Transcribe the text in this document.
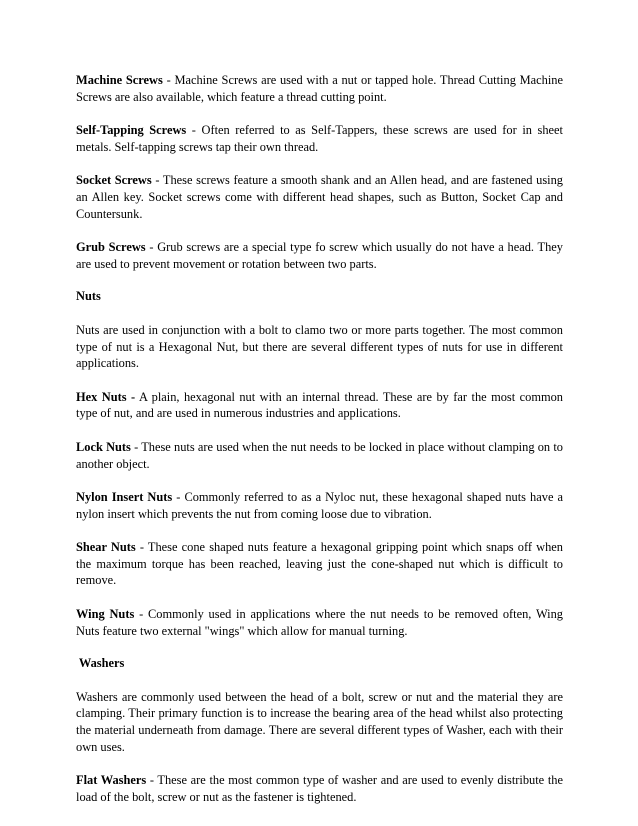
Machine Screws - Machine Screws are used with a nut or tapped hole. Thread Cutting Machine Screws are also available, which feature a thread cutting point.

Self-Tapping Screws - Often referred to as Self-Tappers, these screws are used for in sheet metals. Self-tapping screws tap their own thread.

Socket Screws - These screws feature a smooth shank and an Allen head, and are fastened using an Allen key. Socket screws come with different head shapes, such as Button, Socket Cap and Countersunk.

Grub Screws - Grub screws are a special type fo screw which usually do not have a head. They are used to prevent movement or rotation between two parts.

Nuts

Nuts are used in conjunction with a bolt to clamo two or more parts together. The most common type of nut is a Hexagonal Nut, but there are several different types of nuts for use in different applications.

Hex Nuts - A plain, hexagonal nut with an internal thread. These are by far the most common type of nut, and are used in numerous industries and applications.

Lock Nuts - These nuts are used when the nut needs to be locked in place without clamping on to another object.

Nylon Insert Nuts - Commonly referred to as a Nyloc nut, these hexagonal shaped nuts have a nylon insert which prevents the nut from coming loose due to vibration.

Shear Nuts - These cone shaped nuts feature a hexagonal gripping point which snaps off when the maximum torque has been reached, leaving just the cone-shaped nut which is difficult to remove.

Wing Nuts - Commonly used in applications where the nut needs to be removed often, Wing Nuts feature two external "wings" which allow for manual turning.

Washers

Washers are commonly used between the head of a bolt, screw or nut and the material they are clamping. Their primary function is to increase the bearing area of the head whilst also protecting the material underneath from damage. There are several different types of Washer, each with their own uses.

Flat Washers - These are the most common type of washer and are used to evenly distribute the load of the bolt, screw or nut as the fastener is tightened.
